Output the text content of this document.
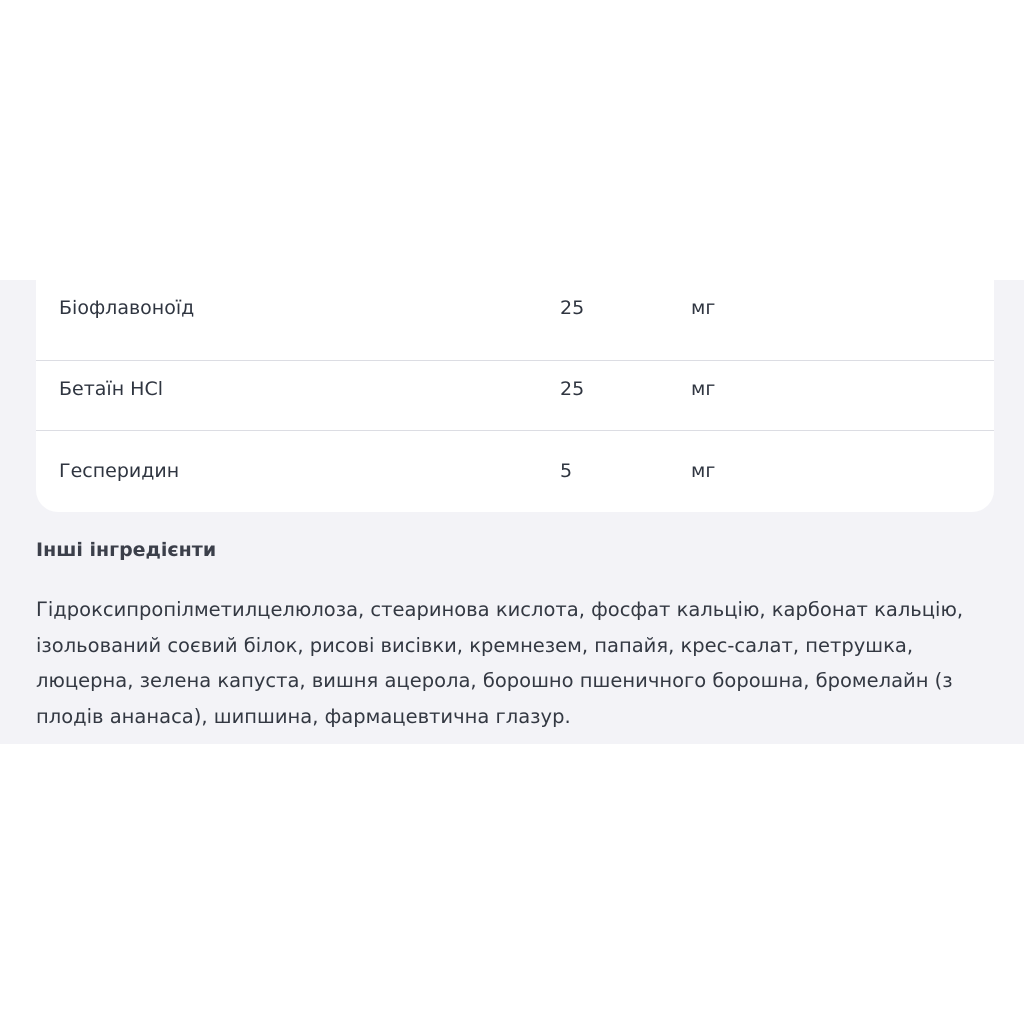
Біофлавоноїд	25	мг
Бетаїн HCl	25	мг
Гесперидин	5	мг
Інші інгредієнти
Гідроксипропілметилцелюлоза, стеаринова кислота, фосфат кальцію, карбонат кальцію, ізольований соєвий білок, рисові висівки, кремнезем, папайя, крес-салат, петрушка, люцерна, зелена капуста, вишня ацерола, борошно пшеничного борошна, бромелайн (з плодів ананаса), шипшина, фармацевтична глазур.
